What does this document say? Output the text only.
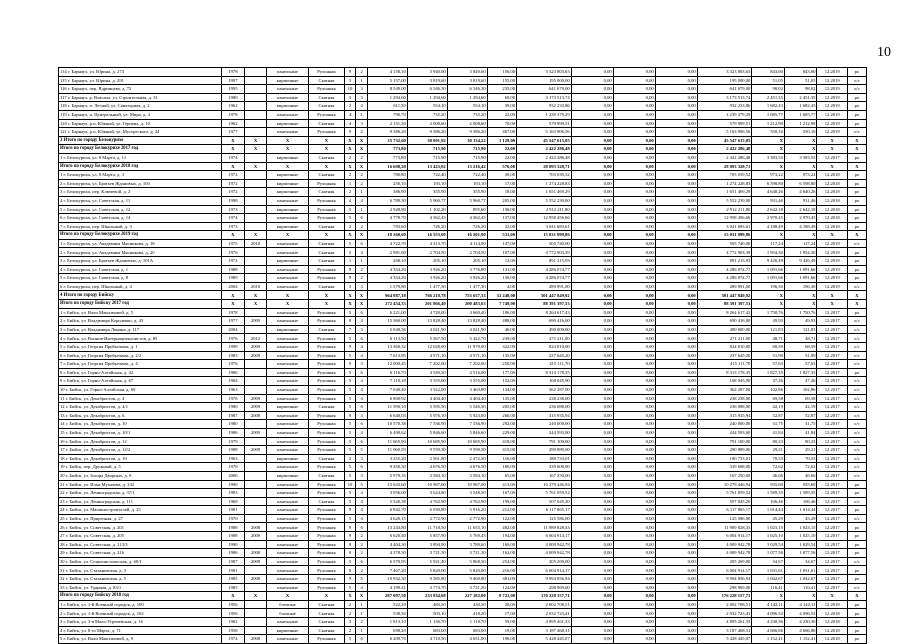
10
114 г. Барнаул, ул. Юрина, д. 273	1978		панельные	Рулонная	9	2	4 158,10	3 940,00	3 840,60	156,00	3 323 803,63	0,00	0,00	0,00	3 323 803,63	843,60	843,60	12.2019	ро
115 г. Барнаул, ул. Юрина, д. 291	1997		кирпичные	Скатная	5	1	5 157,00	3 819,60	3 819,60	155,00	195 000,00	0,00	0,00	0,00	195 000,00	51,05	51,05	12.2019	о/с
116 г. Барнаул, пер. Ядринцева, д. 72	1995		панельные	Рулонная	10	3	8 549,00	6 546,30	6 546,30	235,00	641 679,00	0,00	0,00	0,00	641 679,00	98,02	98,02	12.2019	о/с
117 г. Барнаул, р. Власиха, ул. Строительная, д. 31	1980		панельные	Скатная	3	3	1 294,60	1 294,60	1 294,60	60,00	3 173 513,74	0,00	0,00	0,00	3 173 513,74	2 451,35	2 451,35	12.2019	ро
118 г. Барнаул, п. Лесной, ул. Санаторная, д. 2	1962		кирпичные	Скатная	2	2	611,30	554,10	554,10	39,00	932 233,86	0,00	0,00	0,00	932 233,86	1 682,43	1 682,43	12.2019	ро
119 г. Барнаул, п. Центральный, ул. Мира, д. 4	1978		панельные	Рулонная	4	1	790,70	735,20	735,20	22,00	1 239 379,29	0,00	0,00	0,00	1 239 379,29	1 685,77	1 685,77	12.2019	ро
120 г. Барнаул, р.п. Южный, ул. Герцена, д. 10	1962		кирпичные	Скатная	4	3	2 151,20	2 008,60	2 008,60	70,00	579 999,51	0,00	0,00	0,00	579 999,51	1 212,99	1 212,99	12.2019	ро
121 г. Барнаул, р.п. Южный, ул. Мусоргского, д. 24	1977		панельные	Рулонная	9	2	9 386,20	9 386,20	9 386,20	467,00	5 163 906,56	0,00	0,00	0,00	5 163 906,56	550,16	550,16	12.2019	о/с
3 Итого по городу Белокурихе	X	X	X	X	X	X	35 732,60	30 691,92	30 134,22	1 129,00	45 547 615,05	0,00	0,00	0,00	45 547 615,05	X	X	X	X
Итого по городу Белокурихе 2017 год	X	X	X	X	X	X	773,80	715,90	715,90	22,00	2 422 286,48	0,00	0,00	0,00	2 422 286,48	X	X	X	X
1 г. Белокуриха, ул. 8 Марта, д. 11	1974		кирпичные	Скатная	2	2	773,80	715,90	715,90	22,00	2 422 286,48	0,00	0,00	0,00	2 422 286,48	3 383,55	3 383,55	12.2017	ро
Итого по городу Белокурихе 2018 год	X	X	X	X	X	X	16 698,20	13 423,02	13 216,42	576,00	28 093 328,71	0,00	0,00	0,00	28 093 328,71	X	X	X	X
1 г. Белокуриха, ул. 8 Марта, д. 3	1972		кирпичные	Скатная	2	2	780,80	722,40	722,40	30,00	703 039,52	0,00	0,00	0,00	703 039,52	973,22	973,22	12.2018	ро
2 г. Белокуриха, ул. Братьев Ждановых, д. 103	1972		кирпичные	Рулонная	1	2	250,10	193,10	193,10	17,00	1 274 228,83	0,00	0,00	0,00	1 274 228,83	6 598,80	6 598,80	12.2018	ро
3 г. Белокуриха, пер. Ключевой, д. 2	1972		кирпичные	Скатная	2	1	386,90	355,90	355,90	18,00	1 651 469,29	0,00	0,00	0,00	1 651 469,29	4 640,26	4 640,26	12.2018	ро
4 г. Белокуриха, ул. Советская, д. 11	1998		панельные	Рулонная	4	4	6 789,30	5 960,77	5 960,77	205,00	5 552 239,00	0,00	0,00	0,00	5 552 239,00	931,46	931,46	12.2018	ро
5 г. Белокуриха, ул. Советская, д. 12	1973		кирпичные	Рулонная	5	1	2 928,80	1 102,20	895,60	136,00	2 912 211,80	0,00	0,00	0,00	2 912 211,80	2 642,18	2 642,18	12.2018	ро
6 г. Белокуриха, ул. Советская, д. 14	1974		панельные	Рулонная	5	6	4 778,70	4 362,45	4 362,45	137,00	12 958 456,66	0,00	0,00	0,00	12 958 456,66	2 970,45	2 970,45	12.2018	ро
7 г. Белокуриха, пер. Школьный, д. 3	1973		кирпичные	Скатная	2	2	783,60	726,20	726,20	32,00	3 041 683,61	0,00	0,00	0,00	3 041 683,61	4 188,49	4 188,49	12.2018	ро
Итого по городу Белокурихе 2019 год	X	X	X	X	X	X	18 260,60	16 553,00	16 201,90	531,00	15 031 999,86	0,00	0,00	0,00	15 031 999,86	X	X	X	X
1 г. Белокуриха, ул. Академика Мясникова, д. 18	1975	2010	панельные	Скатная	5	6	4 722,70	4 313,70	4 114,00	147,00	505 740,00	0,00	0,00	0,00	505 740,00	117,24	117,24	12.2019	о/с
2 г. Белокуриха, ул. Академика Мясникова, д. 20	1976		панельные	Скатная	5	4	2 981,60	2 704,50	2 704,50	107,00	4 772 903,39	0,00	0,00	0,00	4 772 903,39	1 954,30	1 954,30	12.2019	ро
3 г. Белокуриха, ул. Братьев Ждановых, д. 101А	1972		кирпичные	Скатная	1	1	268,10	205,10	205,10	12,00	891 215,93	0,00	0,00	0,00	891 215,93	9 426,49	9 426,49	12.2019	ро
4 г. Белокуриха, ул. Советская, д. 1	1988		панельные	Рулонная	9	2	4 354,20	3 926,20	3 776,80	131,00	4 286 074,77	0,00	0,00	0,00	4 286 074,77	1 091,66	1 091,66	12.2019	ро
5 г. Белокуриха, ул. Советская, д. 8	1989		панельные	Рулонная	9	2	4 354,20	3 926,20	3 926,20	130,00	4 286 074,77	0,00	0,00	0,00	4 286 074,77	1 091,66	1 091,66	12.2019	ро
6 г. Белокуриха, пер. Школьный, д. 4	2004	2018	панельные	Скатная	3	3	1 579,80	1 477,30	1 477,30	4,00	289 991,00	0,00	0,00	0,00	289 991,00	196,30	196,30	12.2019	о/с
4 Итого по городу Бийску	X	X	X	X	X	X	964 887,18	766 218,78	753 657,33	31 248,00	501 447 849,92	0,00	0,00	0,00	501 447 849,92	X	X	X	X
Итого по городу Бийску 2017 год	X	X	X	X	X	X	272 454,33	201 866,40	200 483,63	7 749,00	88 391 397,53	0,00	0,00	0,00	88 391 397,53	X	X	X	X
1 г. Бийск, ул. Вали Максимовой, д. 5	1978		панельные	Рулонная	5	6	6 221,00	4 720,00	4 660,40	186,00	8 264 617,43	0,00	0,00	0,00	8 264 617,43	1 750,76	1 750,76	12.2017	ро
2 г. Бийск, ул. Владимира Короленко, д. 43	1977	2009	панельные	Рулонная	9	4	15 360,00	13 828,40	13 828,40	488,00	690 416,00	0,00	0,00	0,00	690 416,00	49,93	49,93	12.2017	о/с
3 г. Бийск, ул. Владимира Ленина, д. 117	2004		кирпичные	Скатная	7	3	5 040,56	4 021,90	4 021,90	46,00	490 000,00	0,00	0,00	0,00	490 000,00	121,83	121,83	12.2017	о/с
4 г. Бийск, ул. Воинов-Интернационалистов, д. 85	1976	2012	панельные	Рулонная	5	6	6 113,50	5 567,50	5 422,70	239,00	271 211,00	0,00	0,00	0,00	271 211,00	48,71	48,71	12.2017	о/с
5 г. Бийск, ул. Георгия Прибыткова, д. 1	1999	2009	панельные	Рулонная	9	4	13 360,32	12 028,00	11 979,00	322,00	824 810,00	0,00	0,00	0,00	824 810,00	68,59	68,59	12.2017	о/с
6 г. Бийск, ул. Георгия Прибыткова, д. 2/2	1983	2009	панельные	Рулонная	5	4	7 613,85	4 571,10	4 571,10	135,00	237 645,20	0,00	0,00	0,00	237 645,20	51,99	51,99	12.2017	о/с
7 г. Бийск, ул. Георгия Прибыткова, д. 4	1976		панельные	Рулонная	9	3	12 000,45	7 202,60	7 202,60	250,00	415 111,70	0,00	0,00	0,00	415 111,70	57,63	57,63	12.2017	о/с
8 г. Бийск, ул. Горно-Алтайская, д. 42	1986		панельные	Рулонная	5	6	6 116,70	4 549,30	4 516,00	177,00	8 313 178,35	0,00	0,00	0,00	8 313 178,35	1 827,35	1 827,35	12.2017	ро
9 г. Бийск, ул. Горно-Алтайская, д. 67	1964		панельные	Рулонная	5	4	7 110,18	3 555,00	3 555,00	152,00	168 045,90	0,00	0,00	0,00	168 045,90	47,26	47,26	12.2017	о/с
10 г. Бийск, ул. Горно-Алтайская, д. 69	1963		панельные	Рулонная	5	4	7 040,40	3 522,00	3 463,80	134,00	362 287,00	0,00	0,00	0,00	362 287,00	102,86	102,86	12.2017	о/с
11 г. Бийск, ул. Декабристов, д. 4	1976	2009	панельные	Рулонная	5	4	6 800,92	4 404,40	4 404,40	135,00	238 238,00	0,00	0,00	0,00	238 238,00	69,58	69,58	12.2017	о/с
12 г. Бийск, ул. Декабристов, д. 4/1	1980	2009	кирпичные	Скатная	5	8	11 590,10	5 595,50	5 546,30	205,00	236 088,00	0,00	0,00	0,00	236 088,00	42,19	42,19	12.2017	о/с
13 г. Бийск, ул. Декабристов, д. 6	1987	2008	панельные	Рулонная	9	3	6 640,03	5 976,10	5 923,00	260,00	315 935,94	0,00	0,00	0,00	315 935,94	52,87	52,87	12.2017	о/с
14 г. Бийск, ул. Декабристов, д. 10	1980		панельные	Рулонная	5	6	10 570,38	7 536,90	7 536,90	292,00	240 000,00	0,00	0,00	0,00	240 000,00	31,75	31,75	12.2017	о/с
15 г. Бийск, ул. Декабристов, д. 10/1	1986	2009	панельные	Рулонная	5	4	6 490,62	5 846,60	5 846,60	229,00	244 593,00	0,00	0,00	0,00	244 593,00	41,84	41,84	12.2017	о/с
16 г. Бийск, ул. Декабристов, д. 12	1979		панельные	Рулонная	5	6	11 665,90	10 685,90	10 685,90	418,00	791 100,00	0,00	0,00	0,00	791 100,00	80,23	80,23	12.2017	о/с
17 г. Бийск, ул. Декабристов, д. 12/2	1988	2009	панельные	Рулонная	5	5	11 060,59	9 559,30	9 590,30	415,00	290 889,00	0,00	0,00	0,00	290 889,00	29,21	29,21	12.2017	о/с
18 г. Бийск, ул. Декабристов, д. 19	1963		кирпичные	Скатная	3	3	3 255,20	2 561,80	2 472,30	116,00	180 733,01	0,00	0,00	0,00	180 733,01	70,55	70,55	12.2017	о/с
19 г. Бийск, пер. Дружный, д. 5	1970		панельные	Рулонная	5	6	9 350,30	4 676,50	4 676,50	180,00	339 608,00	0,00	0,00	0,00	339 608,00	72,62	72,62	12.2017	о/с
20 г. Бийск, ул. Зоозра Дворных, д. 9	2000		кирпичные	Скатная	5	3	5 970,35	3 584,10	3 584,10	65,00	167 250,00	0,00	0,00	0,00	167 250,00	46,66	46,66	12.2017	о/с
21 г. Бийск, ул. Ильи Мухачева, д. 232	1990		панельные	Рулонная	10	5	13 643,60	10 987,00	10 987,00	413,00	10 279 446,94	0,00	0,00	0,00	10 279 446,94	935,60	935,60	12.2017	ро
22 г. Бийск, ул. Ленинградская, д. 37/1	1983		панельные	Рулонная	5	4	3 956,00	3 624,80	3 548,50	167,00	5 761 059,52	0,00	0,00	0,00	5 761 059,52	1 589,35	1 589,35	12.2017	ро
23 г. Бийск, ул. Ленинградская, д. 111	1968		панельные	Скатная	5	4	5 320,38	4 762,90	4 762,90	199,00	507 045,20	0,00	0,00	0,00	507 045,20	106,46	106,46	12.2017	о/с
24 г. Бийск, ул. Машиностроителей, д. 25	1981		панельные	Рулонная	9	4	6 842,70	6 030,80	5 916,20	212,00	6 117 865,17	0,00	0,00	0,00	6 117 865,17	1 014,44	1 014,44	12.2017	ро
25 г. Бийск, ул. Приречная, д. 27	1970		панельные	Рулонная	5	4	4 620,15	2 772,90	2 772,90	122,00	125 586,00	0,00	0,00	0,00	125 586,00	45,29	45,29	12.2017	о/с
26 г. Бийск, ул. Советская, д. 201	1988	2008	панельные	Рулонная	9	6	13 243,80	11 718,50	11 655,10	482,00	11 989 828,33	0,00	0,00	0,00	11 989 828,33	1 023,15	1 023,15	12.2017	ро
27 г. Бийск, ул. Советская, д. 205	1988	2009	панельные	Рулонная	9	2	6 620,40	5 857,90	5 769,43	194,00	6 004 914,17	0,00	0,00	0,00	6 004 914,17	1 025,10	1 025,10	12.2017	ро
28 г. Бийск, ул. Советская, д. 213/3	1990		панельные	Рулонная	9	2	4 404,30	3 894,90	3 789,60	160,00	4 009 942,78	0,00	0,00	0,00	4 009 942,78	1 029,54	1 029,54	12.2017	ро
29 г. Бийск, ул. Советская, д. 216	1986	2008	панельные	Рулонная	9	2	4 378,30	3 721,30	3 721,30	162,00	4 009 942,78	0,00	0,00	0,00	4 009 942,78	1 077,56	1 077,56	12.2017	ро
30 г. Бийск, ул. Социалистическая, д. 60/1	1987	2009	панельные	Рулонная	5	6	6 570,95	5 921,40	5 868,30	254,00	205 269,00	0,00	0,00	0,00	205 269,00	34,67	34,67	12.2017	о/с
31 г. Бийск, ул. Стахановская, д. 3	1991		панельные	Рулонная	9	2	7 467,20	5 820,00	5 820,00	216,00	6 004 914,17	0,00	0,00	0,00	6 004 914,17	1 031,61	1 031,61	12.2017	ро
32 г. Бийск, ул. Стахановская, д. 5	1985	2008	панельные	Рулонная	9	5	10 932,30	9 585,80	9 460,80	381,00	9 994 856,94	0,00	0,00	0,00	9 994 856,94	1 042,67	1 042,67	12.2017	ро
33 г. Бийск, ул. Ударная, д. 83/1	1985		панельные	Рулонная	5	4	4 199,41	3 774,70	3 721,20	124,00	298 969,00	0,00	0,00	0,00	298 969,00	116,41	116,41	12.2017	о/с
Итого по городу Бийску 2018 год	X	X	X	X	X	X	287 097,50	233 834,68	227 182,00	9 721,00	176 228 157,71	0,00	0,00	0,00	176 228 157,71	X	X	X	X
1 г. Бийск, ул. 1-й Военный городок, д. 100	1956		блочные	Скатная	2	1	522,20	483,50	430,30	20,00	2 002 708,51	0,00	0,00	0,00	2 002 708,51	4 142,11	4 142,11	12.2018	ро
2 г. Бийск, ул. 1-й Военный городок, д. 102	1956		блочные	Скатная	2	1	538,30	503,10	418,20	17,00	2 032 723,41	0,00	0,00	0,00	2 032 723,41	4 096,52	4 096,52	12.2018	ро
3 г. Бийск, ул. 3-я Мало-Угреневская, д. 16	1982		панельные	Скатная	3	2	1 813,10	1 156,70	1 110,70	59,00	4 895 261,33	0,00	0,00	0,00	4 895 261,33	4 230,36	4 230,36	12.2018	ро
4 г. Бийск, ул. 8-го Марта, д. 71	1958		кирпичные	Скатная	2	1	698,20	683,00	683,00	19,00	3 187 468,31	0,00	0,00	0,00	3 187 468,31	4 666,86	4 666,86	12.2018	ро
5 г. Бийск, ул. Вали Максимовой, д. 9	1974	2008	панельные	Рулонная	5	6	6 209,70	4 710,50	4 651,00	196,00	5 428 445,07	0,00	0,00	0,00	5 428 445,07	1 152,41	1 152,41	12.2018	ро
